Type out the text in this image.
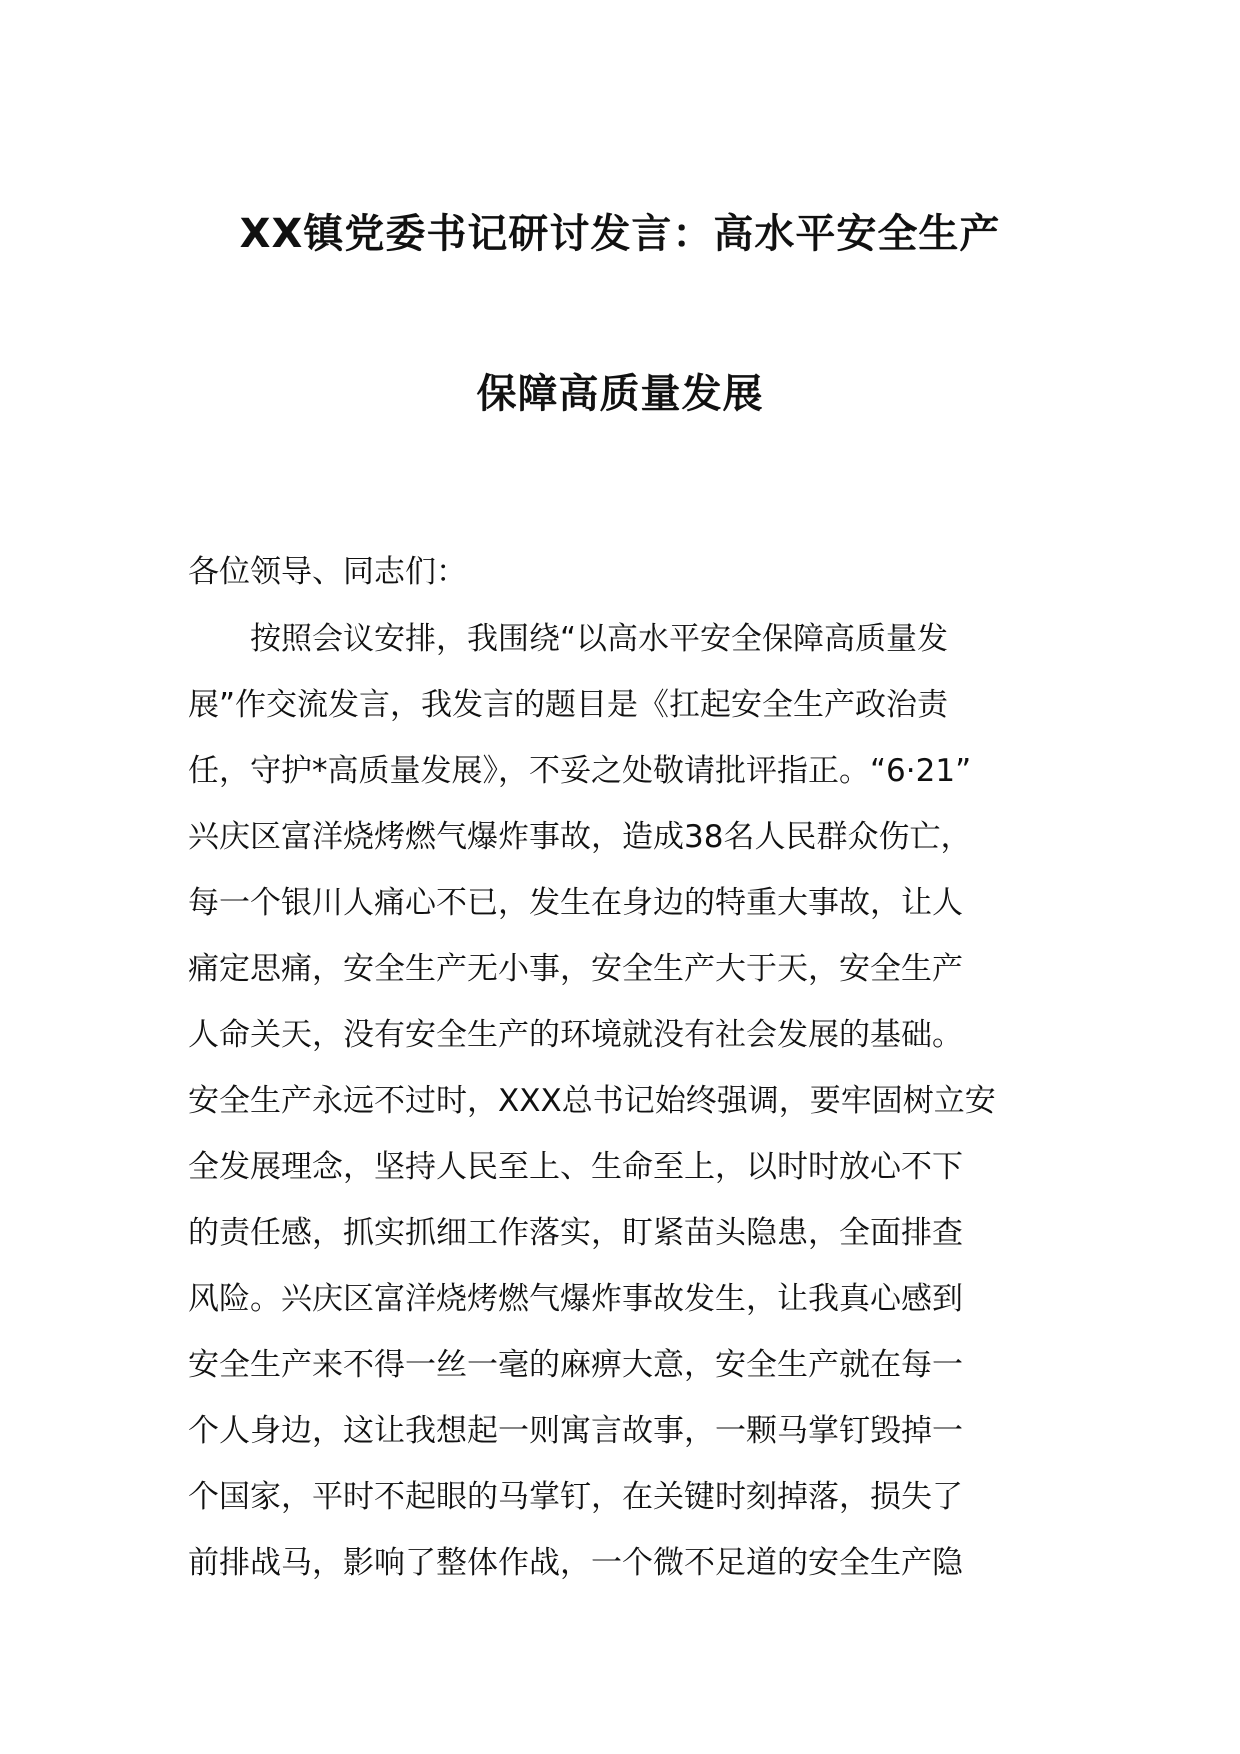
XX镇党委书记研讨发言：高水平安全生产
保障高质量发展
各位领导、同志们：
　　按照会议安排，我围绕“以高水平安全保障高质量发
展”作交流发言，我发言的题目是《扛起安全生产政治责
任，守护*高质量发展》，不妥之处敬请批评指正。“6·21”
兴庆区富洋烧烤燃气爆炸事故，造成38名人民群众伤亡，
每一个银川人痛心不已，发生在身边的特重大事故，让人
痛定思痛，安全生产无小事，安全生产大于天，安全生产
人命关天，没有安全生产的环境就没有社会发展的基础。
安全生产永远不过时，XXX总书记始终强调，要牢固树立安
全发展理念，坚持人民至上、生命至上，以时时放心不下
的责任感，抓实抓细工作落实，盯紧苗头隐患，全面排查
风险。兴庆区富洋烧烤燃气爆炸事故发生，让我真心感到
安全生产来不得一丝一毫的麻痹大意，安全生产就在每一
个人身边，这让我想起一则寓言故事，一颗马掌钉毁掉一
个国家，平时不起眼的马掌钉，在关键时刻掉落，损失了
前排战马，影响了整体作战，一个微不足道的安全生产隐
